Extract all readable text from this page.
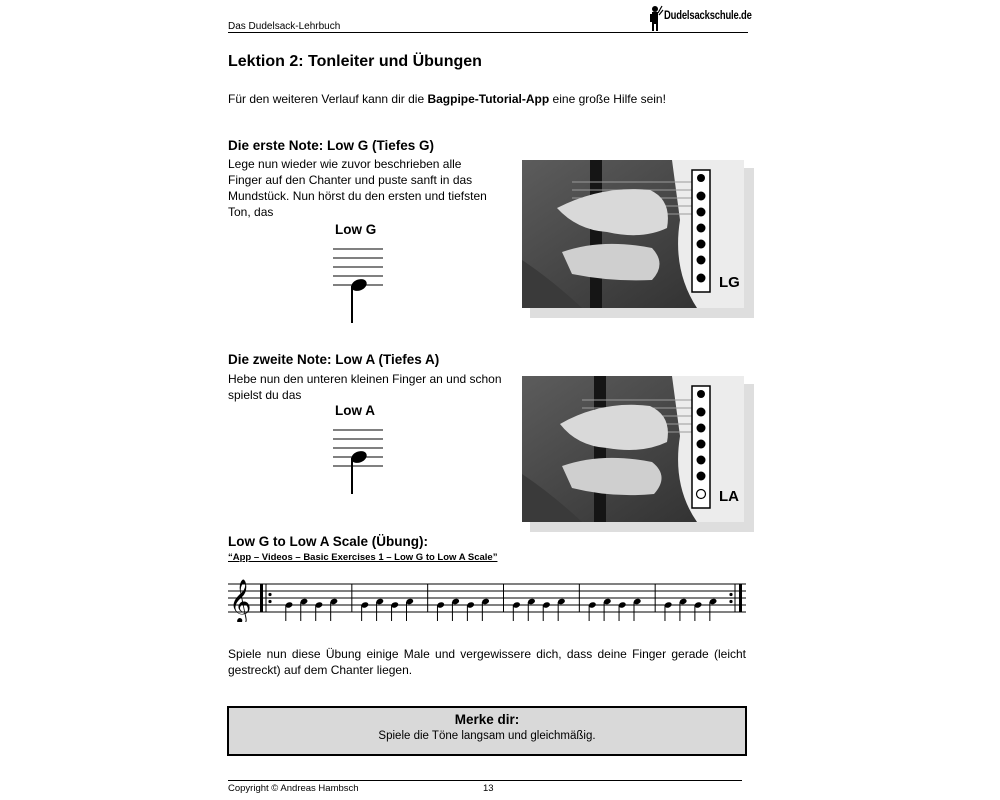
Das Dudelsack-Lehrbuch
Dudelsackschule.de
Lektion 2: Tonleiter und Übungen
Für den weiteren Verlauf kann dir die Bagpipe-Tutorial-App eine große Hilfe sein!
Die erste Note: Low G (Tiefes G)
Lege nun wieder wie zuvor beschrieben alle
Finger auf den Chanter und puste sanft in das
Mundstück. Nun hörst du den ersten und tiefsten
Ton, das
Low G
LG
Die zweite Note: Low A (Tiefes A)
Hebe nun den unteren kleinen Finger an und schon
spielst du das
Low A
LA
Low G to Low A Scale (Übung):
“App – Videos – Basic Exercises 1 – Low G to Low A Scale”
𝄞
Spiele nun diese Übung einige Male und vergewissere dich, dass deine Finger gerade (leicht gestreckt) auf dem Chanter liegen.
Merke dir:
Spiele die Töne langsam und gleichmäßig.
Copyright © Andreas Hambsch	13
